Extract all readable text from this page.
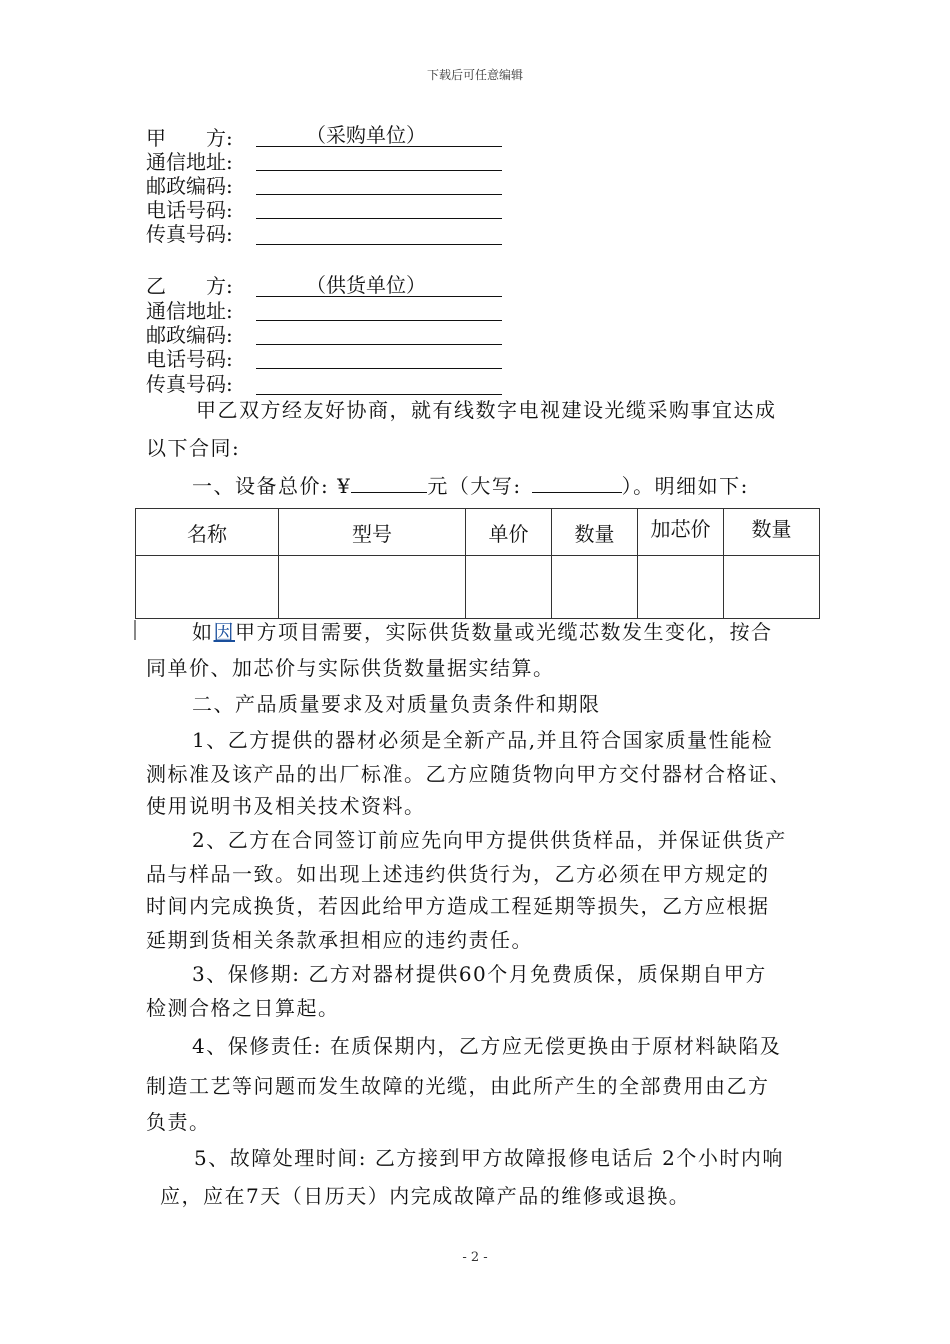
下载后可任意编辑
甲　　方:	（采购单位）
通信地址:
邮政编码:
电话号码:
传真号码:
乙　　方:	（供货单位）
通信地址:
邮政编码:
电话号码:
传真号码:
甲乙双方经友好协商，就有线数字电视建设光缆采购事宜达成
以下合同:
一、设备总价: ¥	元（大写:	）。明细如下:
名称	型号	单价	数量	加芯价	数量

如因甲方项目需要，实际供货数量或光缆芯数发生变化，按合
同单价、加芯价与实际供货数量据实结算。
二、产品质量要求及对质量负责条件和期限
1、乙方提供的器材必须是全新产品,并且符合国家质量性能检
测标准及该产品的出厂标准。乙方应随货物向甲方交付器材合格证、
使用说明书及相关技术资料。
2、乙方在合同签订前应先向甲方提供供货样品，并保证供货产
品与样品一致。如出现上述违约供货行为，乙方必须在甲方规定的
时间内完成换货，若因此给甲方造成工程延期等损失，乙方应根据
延期到货相关条款承担相应的违约责任。
3、保修期: 乙方对器材提供60个月免费质保，质保期自甲方
检测合格之日算起。
4、保修责任: 在质保期内，乙方应无偿更换由于原材料缺陷及
制造工艺等问题而发生故障的光缆，由此所产生的全部费用由乙方
负责。
5、故障处理时间: 乙方接到甲方故障报修电话后 2个小时内响
应，应在7天（日历天）内完成故障产品的维修或退换。
- 2 -
